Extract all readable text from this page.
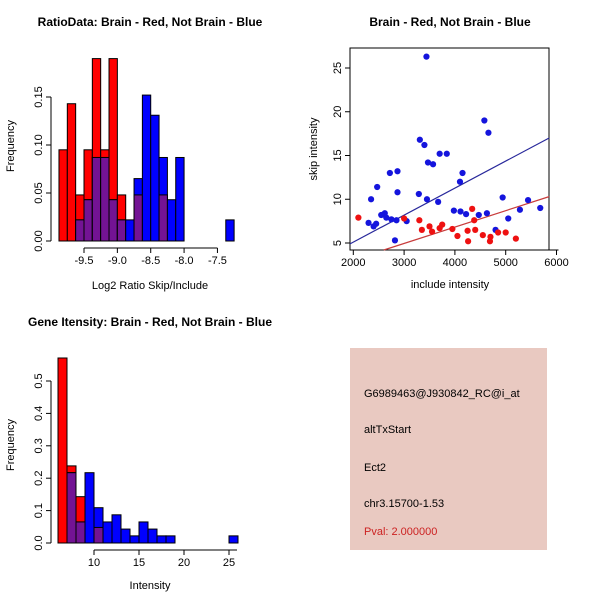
RatioData: Brain - Red, Not Brain - Blue
Frequency
0.00
0.05
0.10
0.15
-9.5 -9.0 -8.5 -8.0 -7.5
Log2 Ratio Skip/Include
Brain - Red, Not Brain - Blue
skip intensity
2000 3000 4000 5000 6000
5
10
15
20
25
include intensity
Gene Itensity: Brain - Red, Not Brain - Blue
Frequency
0.0
0.1
0.2
0.3
0.4
0.5
10	15	20	25
Intensity
G6989463@J930842_RC@i_at
altTxStart
Ect2
chr3.15700-1.53
Pval: 2.000000
